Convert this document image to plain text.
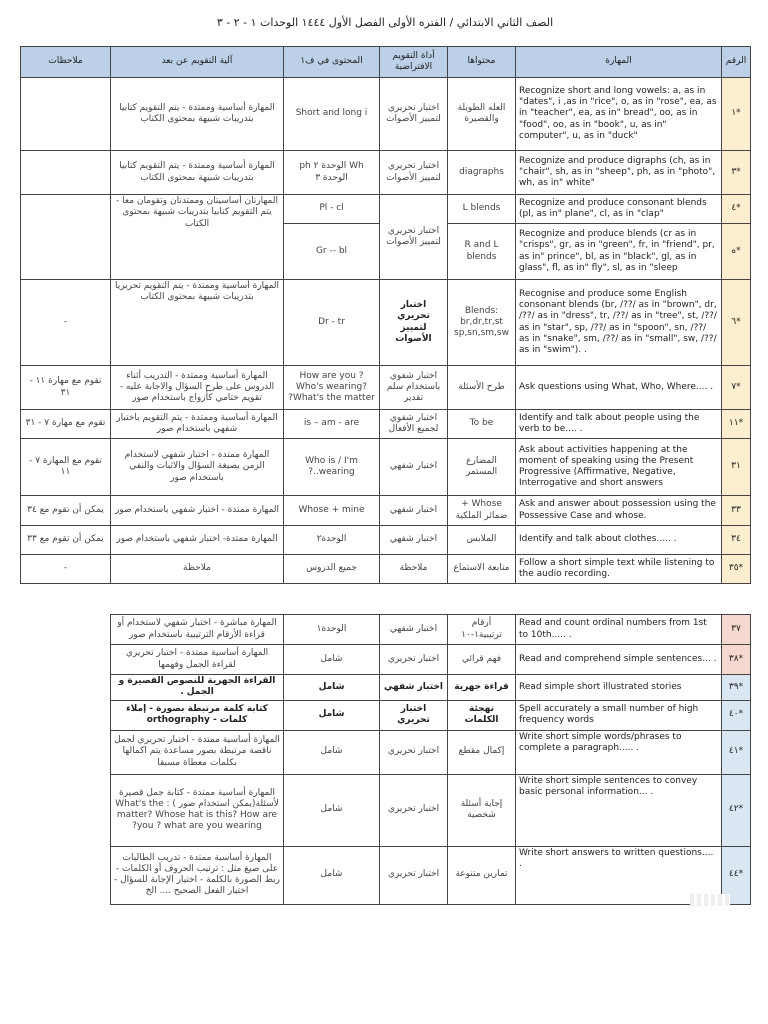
الصف الثاني الابتدائي / الفتره الأولى الفصل الأول ١٤٤٤ الوحدات ١ - ٢ - ٣
الرقم	المهارة	محتواها	أداة التقويم الافتراضية	المحتوى في ف١	آلية التقويم عن بعد	ملاحظات
*١	Recognize short and long vowels: a, as in "dates", i ,as in "rice", o, as in "rose", ea, as in "teacher", ea, as in" bread", oo, as in "food", oo, as in "book", u, as in" computer", u, as in "duck"	العله الطويلة والقصيرة	اختبار تحريري لتمييز الأصوات	Short and long i	المهارة أساسية وممتدة - يتم التقويم كتابيا بتدريبات شبيهة بمحتوى الكتاب	
*٣	Recognize and produce digraphs (ch, as in "chair", sh, as in "sheep", ph, as in "photo", wh, as in" white"	diagraphs	اختبار تحريري لتمييز الأصوات	Wh الوحدة ٢ ph الوحدة ٣	المهارة أساسية وممتدة - يتم التقويم كتابيا بتدريبات شبيهة بمحتوى الكتاب	
*٤	Recognize and produce consonant blends (pl, as in" plane", cl, as in "clap"	L blends	اختبار تحريري لتمييز الأصوات	Pl - cl	المهارتان أساسيتان وممتدتان وتقومان معا - يتم التقويم كتابيا بتدريبات شبيهة بمحتوى الكتاب	
*ه	Recognize and produce blends (cr as in "crisps", gr, as in "green", fr, in "friend", pr, as in" prince", bl, as in "black", gl, as in glass", fl, as in" fly", sl, as in "sleep	R and L blends		Gr -- bl		
*٦	Recognise and produce some English consonant blends (br, /??/ as in "brown", dr, /??/ as in "dress", tr, /??/ as in "tree", st, /??/ as in "star", sp, /??/ as in "spoon", sn, /??/ as in "snake", sm, /??/ as in "small", sw, /??/ as in "swim"). .	Blends: br,dr,tr,st sp,sn,sm,sw	اختبار تحريري لتمييز الأصوات	Dr - tr	المهارة أساسية وممتدة - يتم التقويم تحريريا بتدريبات شبيهة بمحتوى الكتاب	-
*٧	Ask questions using What, Who, Where.... .	طرح الأسئلة	اختبار شفوي باستخدام سلم تقدير	How are you ? Who's wearing? What's the matter?	المهارة أساسية وممتدة - التدريب أثناء الدروس على طرح السؤال والاجابة عليه - تقويم ختامي كأزواج باستخدام صور	تقوم مع مهارة ١١ - ٣١
*١١	Identify and talk about people using the verb to be.... .	To be	اختبار شفوي لجميع الأفعال	is – am - are	المهارة أساسية وممتدة - يتم التقويم باختبار شفهي باستخدام صور	تقوم مع مهارة ٧ - ٣١
٣١	Ask about activities happening at the moment of speaking using the Present Progressive (Affirmative, Negative, Interrogative and short answers	المضارع المستمر	اختبار شفهي	Who is / I'm wearing..?	المهارة ممتدة - اختبار شفهي لاستخدام الزمن بصيغة السؤال والاثبات والنفي باستخدام صور	تقوم مع المهارة ٧ - ١١
٣٣	Ask and answer about possession using the Possessive Case and whose.	Whose + ضمائر الملكية	اختبار شفهي	Whose + mine	المهارة ممتدة - اختبار شفهي باستخدام صور	يمكن أن تقوم مع ٣٤
٣٤	Identify and talk about clothes..... .	الملابس	اختبار شفهي	الوحدة٢	المهارة ممتدة- اختبار شفهي باستخدام صور	يمكن أن تقوم مع ٣٣
*٣٥	Follow a short simple text while listening to the audio recording.	متابعة الاستماع	ملاحظة	جميع الدروس	ملاحظة	-
٣٧	Read and count ordinal numbers from 1st to 10th..... .	أرقام ترتيبية١-١٠	اختبار شفهي	الوحدة١	المهارة مباشرة - اختبار شفهي لاستخدام أو قراءة الأرقام الترتيبية باستخدام صور	
*٣٨	Read and comprehend simple sentences... .	فهم قرائي	اختبار تحريري	شامل	المهارة أساسية ممتدة - اختبار تحريري لقراءة الجمل وفهمها	
*٣٩	Read simple short illustrated stories	قراءة جهرية	اختبار شفهي	شامل	القراءة الجهرية للنصوص القصيرة و الجمل .	
*٤٠	Spell accurately a small number of high frequency words	تهجئة الكلمات	اختبار تحريري	شامل	كتابة كلمة مرتبطة بصورة - إملاء كلمات - orthography	
*٤١	Write short simple words/phrases to complete a paragraph..... .	إكمال مقطع	اختبار تحريري	شامل	المهارة أساسية ممتدة - اختبار تحريري لجمل ناقصة مرتبطة بصور مساعدة يتم اكمالها بكلمات معطاة مسبقا	
*٤٢	Write short simple sentences to convey basic personal information... .	إجابة أسئلة شخصية	اختبار تحريري	شامل	المهارة أساسية ممتدة - كتابة جمل قصيرة لأسئلة(يمكن استخدام صور ) : What's the matter? Whose hat is this? How are you ? what are you wearing?	
*٤٤	Write short answers to written questions.... .	تمارين متنوعة	اختبار تحريري	شامل	المهارة أساسية ممتدة - تدريب الطالبات على صيغ مثل : ترتيب الحروف أو الكلمات - ربط الصورة بالكلمة - اختيار الإجابة للسؤال - اختيار الفعل الصحيح .... الخ	
